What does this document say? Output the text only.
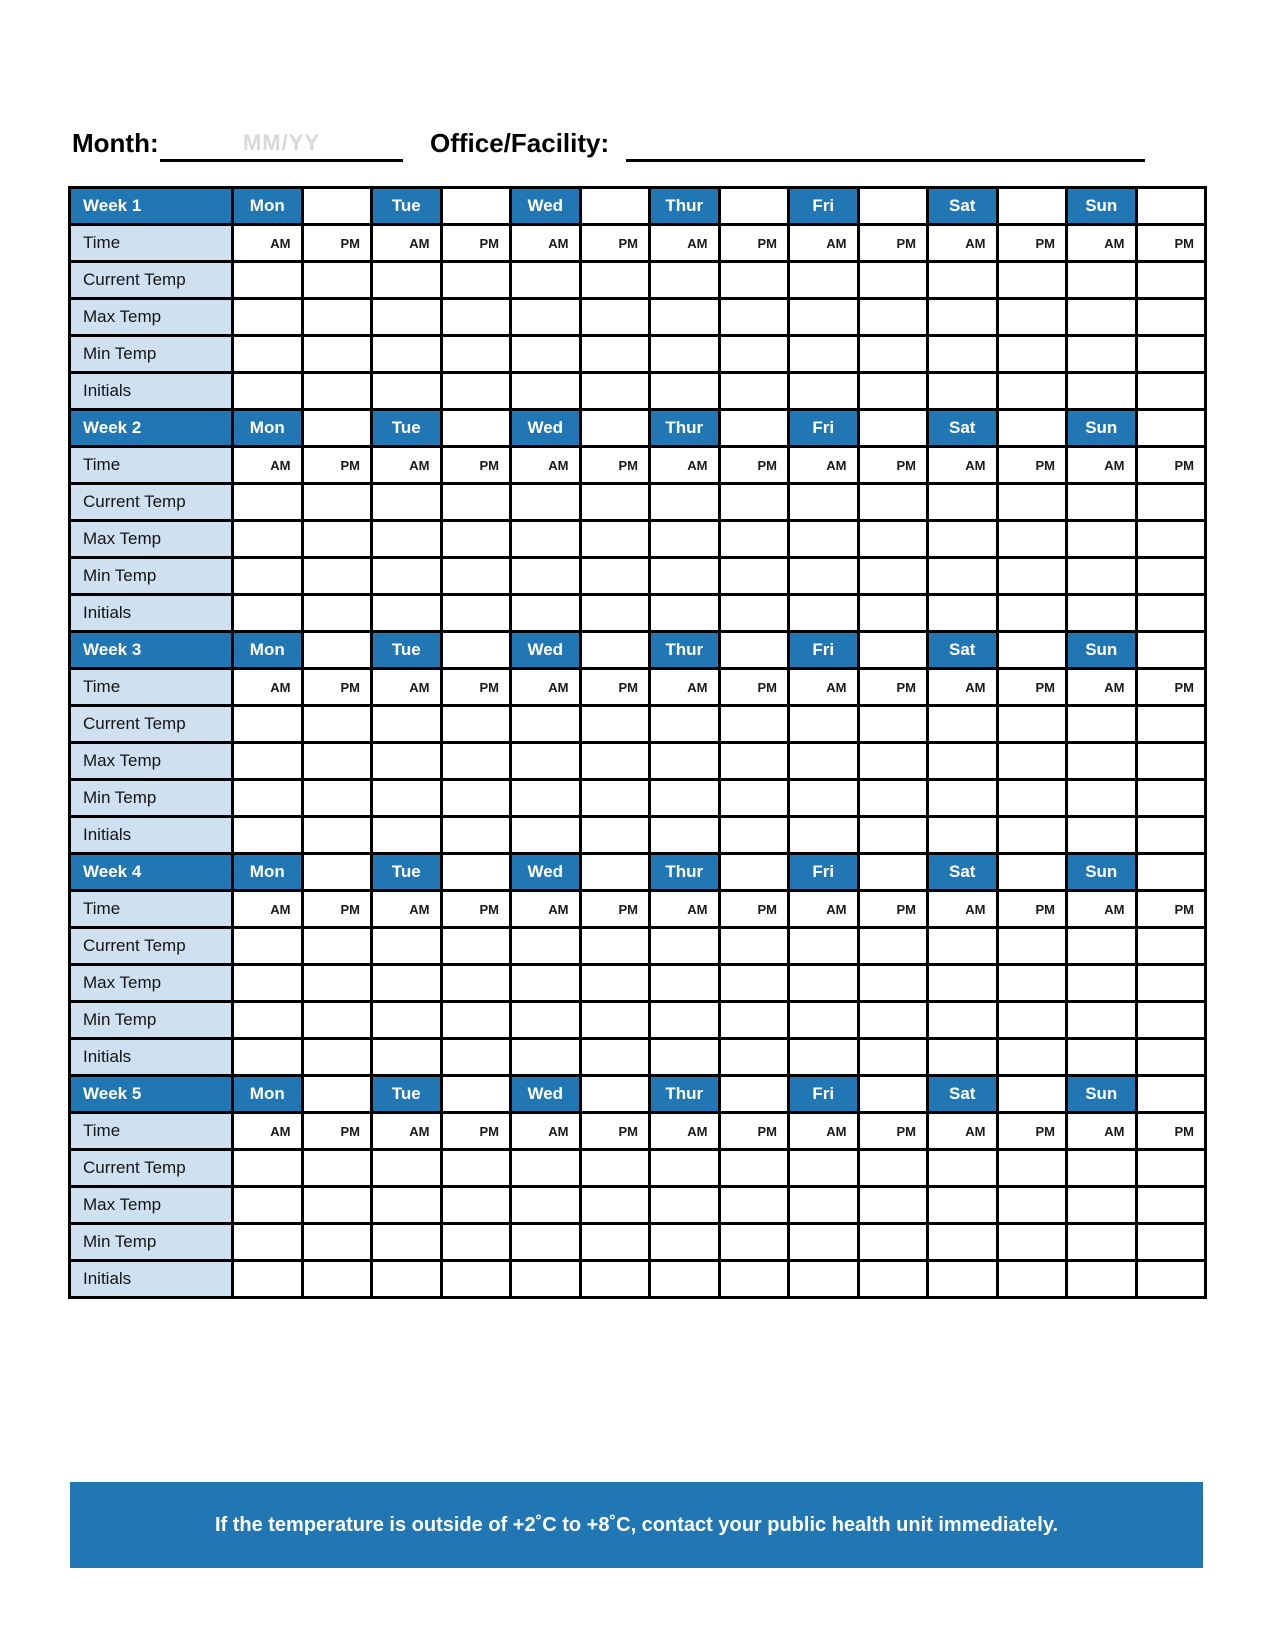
Month:	MM/YY	Office/Facility:
Week 1	Mon		Tue		Wed		Thur		Fri		Sat		Sun	
Time	AM	PM	AM	PM	AM	PM	AM	PM	AM	PM	AM	PM	AM	PM
Current Temp														
Max Temp														
Min Temp														
Initials														
Week 2	Mon		Tue		Wed		Thur		Fri		Sat		Sun	
Time	AM	PM	AM	PM	AM	PM	AM	PM	AM	PM	AM	PM	AM	PM
Current Temp														
Max Temp														
Min Temp														
Initials														
Week 3	Mon		Tue		Wed		Thur		Fri		Sat		Sun	
Time	AM	PM	AM	PM	AM	PM	AM	PM	AM	PM	AM	PM	AM	PM
Current Temp														
Max Temp														
Min Temp														
Initials														
Week 4	Mon		Tue		Wed		Thur		Fri		Sat		Sun	
Time	AM	PM	AM	PM	AM	PM	AM	PM	AM	PM	AM	PM	AM	PM
Current Temp														
Max Temp														
Min Temp														
Initials														
Week 5	Mon		Tue		Wed		Thur		Fri		Sat		Sun	
Time	AM	PM	AM	PM	AM	PM	AM	PM	AM	PM	AM	PM	AM	PM
Current Temp														
Max Temp														
Min Temp														
Initials														
If the temperature is outside of +2˚C to +8˚C, contact your public health unit immediately.
